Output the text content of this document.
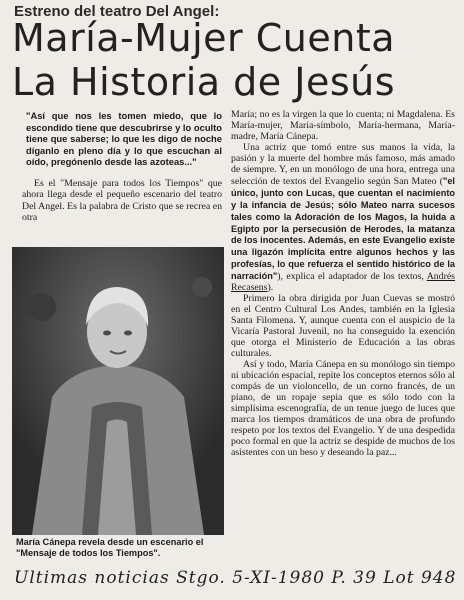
Estreno del teatro Del Angel:
María-Mujer Cuenta
La Historia de Jesús

"Así que nos les tomen miedo, que lo escondido tiene que descubrirse y lo oculto tiene que saberse; lo que les digo de noche díganlo en pleno día y lo que escuchan al oído, pregónenlo desde las azoteas..."

Es el "Mensaje para todos los Tiempos" que ahora llega desde el pequeño escenario del teatro Del Angel. Es la palabra de Cristo que se recrea en otra

María Cánepa revela desde un escenario el "Mensaje de todos los Tiempos".

María; no es la virgen la que lo cuenta; ni Magdalena. Es María-mujer, María-símbolo, María-hermana, María-madre, María Cánepa.

Una actriz que tomó entre sus manos la vida, la pasión y la muerte del hombre más famoso, más amado de siempre. Y, en un monólogo de una hora, entrega una selección de textos del Evangelio según San Mateo ("el único, junto con Lucas, que cuentan el nacimiento y la infancia de Jesús; sólo Mateo narra sucesos tales como la Adoración de los Magos, la huida a Egipto por la persecusión de Herodes, la matanza de los inocentes. Además, en este Evangelio existe una ligazón implícita entre algunos hechos y las profesías, lo que refuerza el sentido histórico de la narración"), explica el adaptador de los textos, Andrés Recasens).

Primero la obra dirigida por Juan Cuevas se mostró en el Centro Cultural Los Andes, también en la Iglesia Santa Filomena. Y, aunque cuenta con el auspicio de la Vicaría Pastoral Juvenil, no ha conseguido la exención que otorga el Ministerio de Educación a las obras culturales.

Así y todo, María Cánepa en su monólogo sin tiempo ni ubicación espacial, repite los conceptos eternos sólo al compás de un violoncello, de un corno francés, de un piano, de un ropaje sepia que es sólo todo con la simplísima escenografía, de un tenue juego de luces que marca los tiempos dramáticos de una obra de profundo respeto por los textos del Evangelio. Y de una despedida poco formal en que la actriz se despide de muchos de los asistentes con un beso y deseando la paz...

Ultimas noticias Stgo. 5-XI-1980 P. 39 Lot 948
